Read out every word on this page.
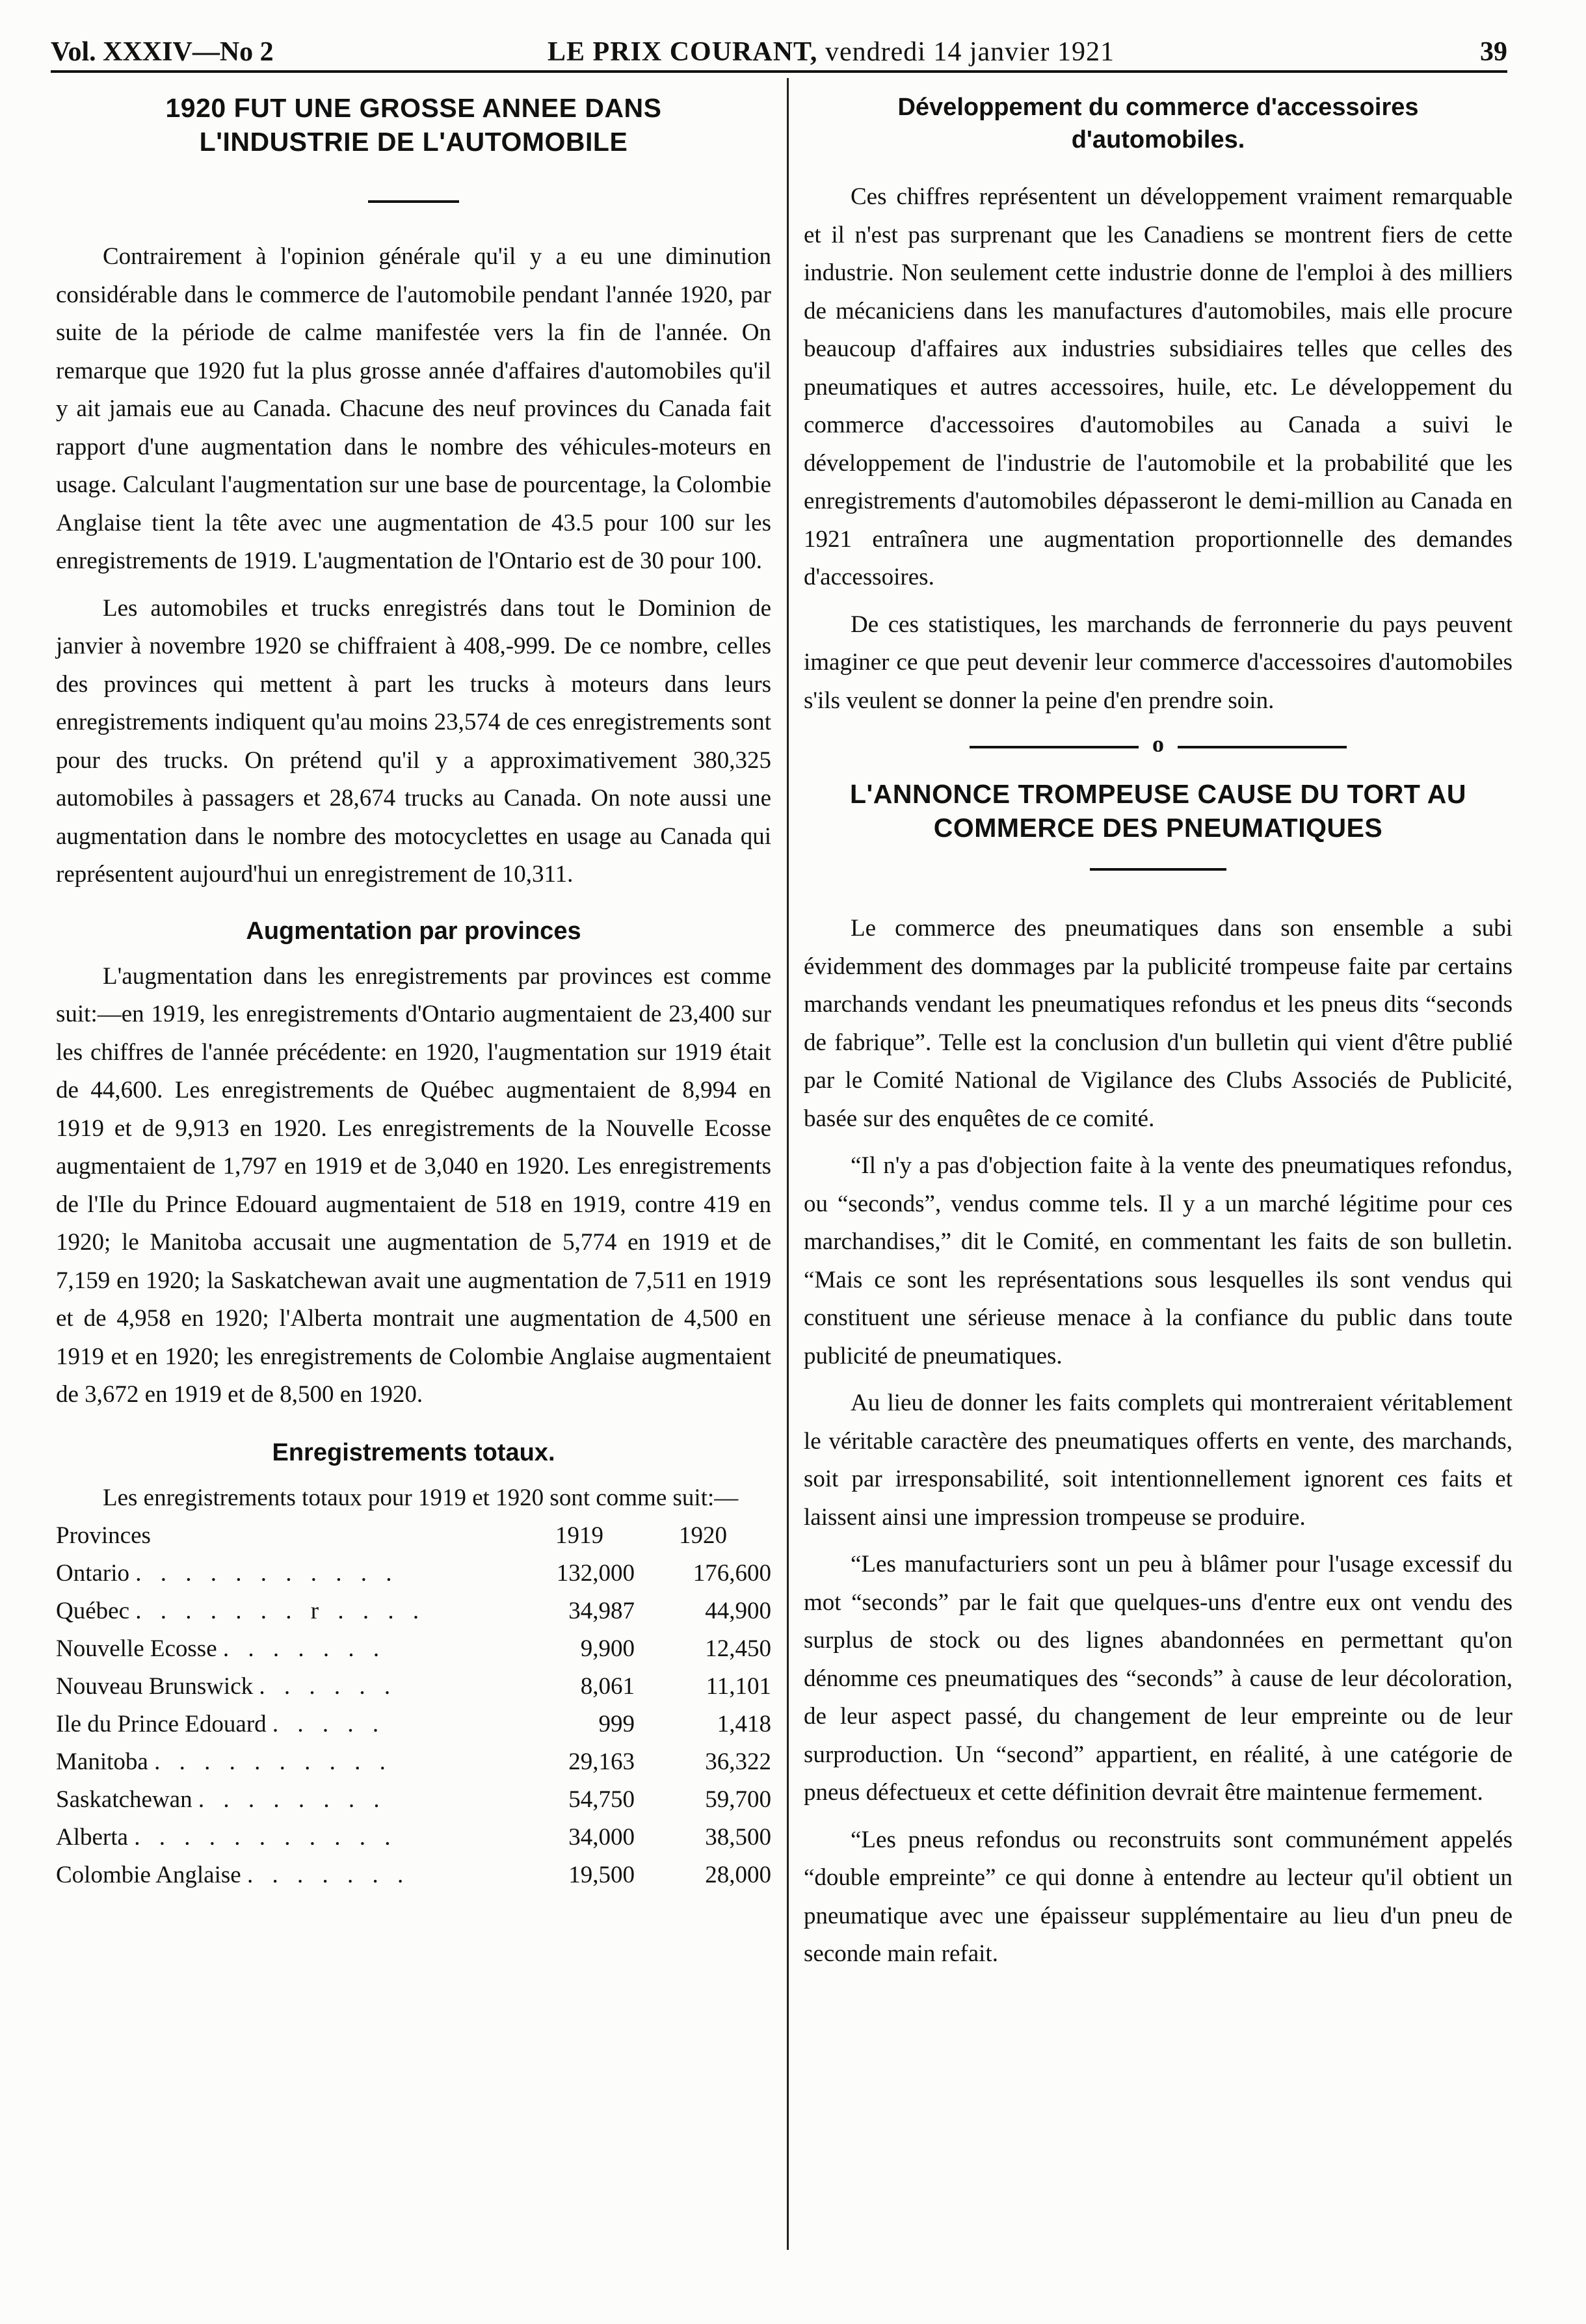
Vol. XXXIV—No 2	LE PRIX COURANT, vendredi 14 janvier 1921	39
1920 FUT UNE GROSSE ANNEE DANS
L'INDUSTRIE DE L'AUTOMOBILE

Contrairement à l'opinion générale qu'il y a eu une diminution considérable dans le commerce de l'automobile pendant l'année 1920, par suite de la période de calme manifestée vers la fin de l'année. On remarque que 1920 fut la plus grosse année d'affaires d'automobiles qu'il y ait jamais eue au Canada. Chacune des neuf provinces du Canada fait rapport d'une augmentation dans le nombre des véhicules-moteurs en usage. Calculant l'augmentation sur une base de pourcentage, la Colombie Anglaise tient la tête avec une augmentation de 43.5 pour 100 sur les enregistrements de 1919. L'augmentation de l'Ontario est de 30 pour 100.

Les automobiles et trucks enregistrés dans tout le Dominion de janvier à novembre 1920 se chiffraient à 408,-999. De ce nombre, celles des provinces qui mettent à part les trucks à moteurs dans leurs enregistrements indiquent qu'au moins 23,574 de ces enregistrements sont pour des trucks. On prétend qu'il y a approximativement 380,325 automobiles à passagers et 28,674 trucks au Canada. On note aussi une augmentation dans le nombre des motocyclettes en usage au Canada qui représentent aujourd'hui un enregistrement de 10,311.

Augmentation par provinces

L'augmentation dans les enregistrements par provinces est comme suit:—en 1919, les enregistrements d'Ontario augmentaient de 23,400 sur les chiffres de l'année précédente: en 1920, l'augmentation sur 1919 était de 44,600. Les enregistrements de Québec augmentaient de 8,994 en 1919 et de 9,913 en 1920. Les enregistrements de la Nouvelle Ecosse augmentaient de 1,797 en 1919 et de 3,040 en 1920. Les enregistrements de l'Ile du Prince Edouard augmentaient de 518 en 1919, contre 419 en 1920; le Manitoba accusait une augmentation de 5,774 en 1919 et de 7,159 en 1920; la Saskatchewan avait une augmentation de 7,511 en 1919 et de 4,958 en 1920; l'Alberta montrait une augmentation de 4,500 en 1919 et en 1920; les enregistrements de Colombie Anglaise augmentaient de 3,672 en 1919 et de 8,500 en 1920.

Enregistrements totaux.

Les enregistrements totaux pour 1919 et 1920 sont comme suit:—

Provinces	1919	1920
Ontario . . . . . . . . . . .	132,000	176,600
Québec . . . . . . . r . . . .	34,987	44,900
Nouvelle Ecosse . . . . . . .	9,900	12,450
Nouveau Brunswick . . . . . .	8,061	11,101
Ile du Prince Edouard . . . . .	999	1,418
Manitoba . . . . . . . . . .	29,163	36,322
Saskatchewan . . . . . . . .	54,750	59,700
Alberta . . . . . . . . . . .	34,000	38,500
Colombie Anglaise . . . . . . .	19,500	28,000
Développement du commerce d'accessoires
d'automobiles.

Ces chiffres représentent un développement vraiment remarquable et il n'est pas surprenant que les Canadiens se montrent fiers de cette industrie. Non seulement cette industrie donne de l'emploi à des milliers de mécaniciens dans les manufactures d'automobiles, mais elle procure beaucoup d'affaires aux industries subsidiaires telles que celles des pneumatiques et autres accessoires, huile, etc. Le développement du commerce d'accessoires d'automobiles au Canada a suivi le développement de l'industrie de l'automobile et la probabilité que les enregistrements d'automobiles dépasseront le demi-million au Canada en 1921 entraînera une augmentation proportionnelle des demandes d'accessoires.

De ces statistiques, les marchands de ferronnerie du pays peuvent imaginer ce que peut devenir leur commerce d'accessoires d'automobiles s'ils veulent se donner la peine d'en prendre soin.

o
L'ANNONCE TROMPEUSE CAUSE DU TORT AU
COMMERCE DES PNEUMATIQUES

Le commerce des pneumatiques dans son ensemble a subi évidemment des dommages par la publicité trompeuse faite par certains marchands vendant les pneumatiques refondus et les pneus dits “seconds de fabrique”. Telle est la conclusion d'un bulletin qui vient d'être publié par le Comité National de Vigilance des Clubs Associés de Publicité, basée sur des enquêtes de ce comité.

“Il n'y a pas d'objection faite à la vente des pneumatiques refondus, ou “seconds”, vendus comme tels. Il y a un marché légitime pour ces marchandises,” dit le Comité, en commentant les faits de son bulletin. “Mais ce sont les représentations sous lesquelles ils sont vendus qui constituent une sérieuse menace à la confiance du public dans toute publicité de pneumatiques.

Au lieu de donner les faits complets qui montreraient véritablement le véritable caractère des pneumatiques offerts en vente, des marchands, soit par irresponsabilité, soit intentionnellement ignorent ces faits et laissent ainsi une impression trompeuse se produire.

“Les manufacturiers sont un peu à blâmer pour l'usage excessif du mot “seconds” par le fait que quelques-uns d'entre eux ont vendu des surplus de stock ou des lignes abandonnées en permettant qu'on dénomme ces pneumatiques des “seconds” à cause de leur décoloration, de leur aspect passé, du changement de leur empreinte ou de leur surproduction. Un “second” appartient, en réalité, à une catégorie de pneus défectueux et cette définition devrait être maintenue fermement.

“Les pneus refondus ou reconstruits sont communément appelés “double empreinte” ce qui donne à entendre au lecteur qu'il obtient un pneumatique avec une épaisseur supplémentaire au lieu d'un pneu de seconde main refait.
